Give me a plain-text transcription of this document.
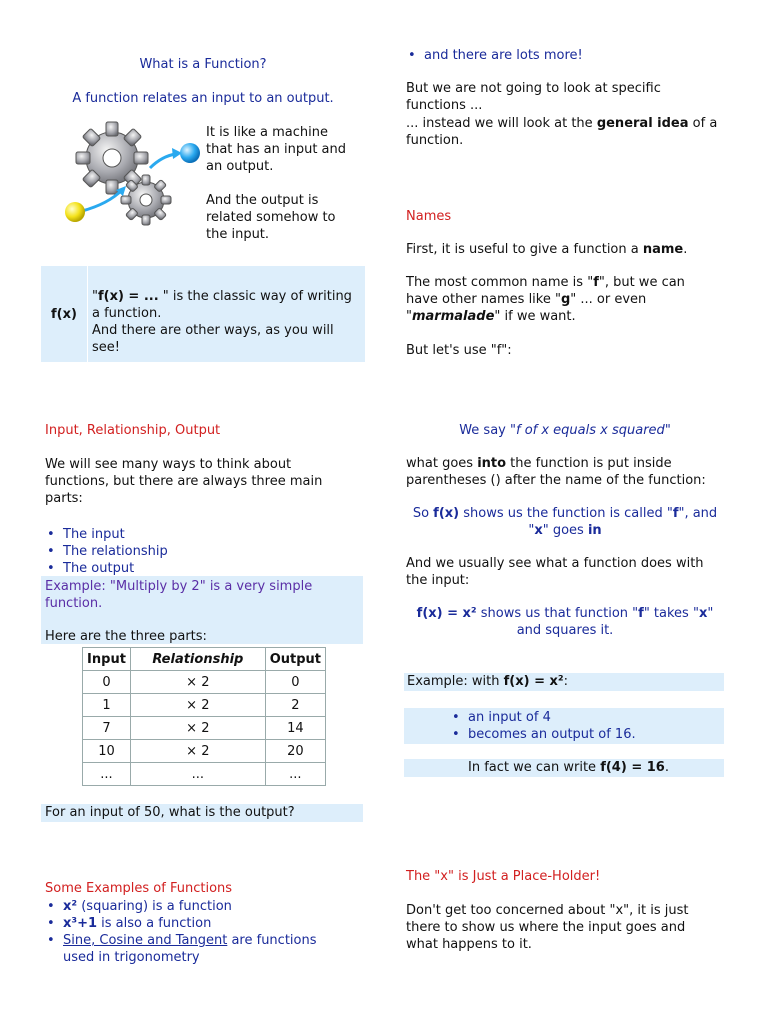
What is a Function?
A function relates an input to an output.
It is like a machine that has an input and an output.
And the output is related somehow to the input.
f(x)
"f(x) = ... " is the classic way of writing a function.
And there are other ways, as you will see!
Input, Relationship, Output
We will see many ways to think about functions, but there are always three main parts:
• The input
• The relationship
• The output
Example: "Multiply by 2" is a very simple function.
Here are the three parts:
Input	Relationship	Output
0	× 2	0
1	× 2	2
7	× 2	14
10	× 2	20
...	...	...
For an input of 50, what is the output?
Some Examples of Functions
• x² (squaring) is a function
• x³+1 is also a function
• Sine, Cosine and Tangent are functions used in trigonometry
• and there are lots more!
But we are not going to look at specific functions ...
... instead we will look at the general idea of a function.
Names
First, it is useful to give a function a name.
The most common name is "f", but we can have other names like "g" ... or even "marmalade" if we want.
But let's use "f":
We say "f of x equals x squared"
what goes into the function is put inside parentheses () after the name of the function:
So f(x) shows us the function is called "f", and "x" goes in
And we usually see what a function does with the input:
f(x) = x² shows us that function "f" takes "x" and squares it.
Example: with f(x) = x²:
• an input of 4
• becomes an output of 16.
In fact we can write f(4) = 16.
The "x" is Just a Place-Holder!
Don't get too concerned about "x", it is just there to show us where the input goes and what happens to it.
